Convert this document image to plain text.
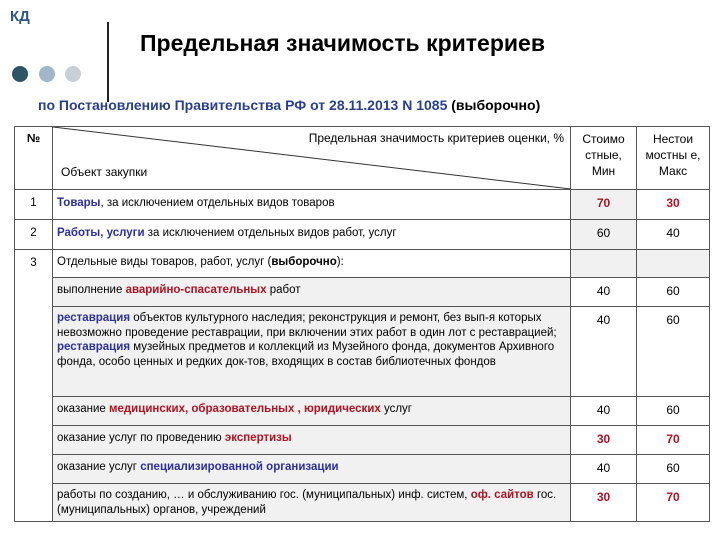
КД
Предельная значимость критериев
по Постановлению Правительства РФ от 28.11.2013 N 1085 (выборочно)
№	Предельная значимость критериев оценки, %
Объект закупки	Стоимо стные, Мин	Нестои мостны е, Макс
1	Товары, за исключением отдельных видов товаров	70	30
2	Работы, услуги за исключением отдельных видов работ, услуг	60	40
3	Отдельные виды товаров, работ, услуг (выборочно):		
	выполнение аварийно-спасательных работ	40	60
	реставрация объектов культурного наследия; реконструкция и ремонт, без вып-я которых невозможно проведение реставрации, при включении этих работ в один лот с реставрацией; реставрация музейных предметов и коллекций из Музейного фонда, документов Архивного фонда, особо ценных и редких док-тов, входящих в состав библиотечных фондов	40	60
	оказание медицинских, образовательных , юридических услуг	40	60
	оказание услуг по проведению экспертизы	30	70
	оказание услуг специализированной организации	40	60
	работы по созданию, … и обслуживанию гос. (муниципальных) инф. систем, оф. сайтов гос. (муниципальных) органов, учреждений	30	70
